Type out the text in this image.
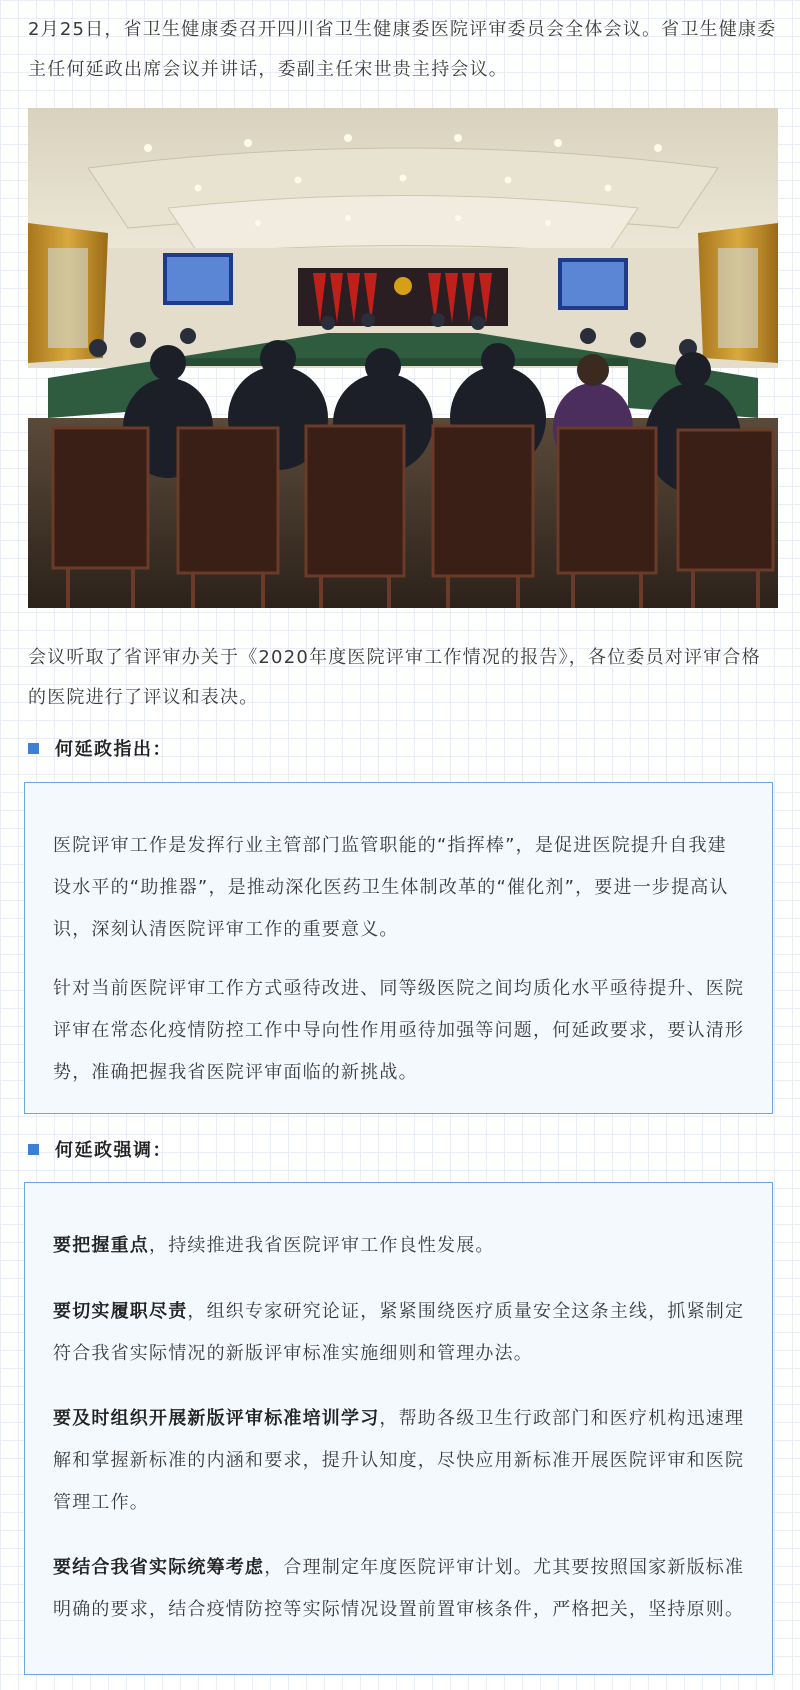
2月25日，省卫生健康委召开四川省卫生健康委医院评审委员会全体会议。省卫生健康委主任何延政出席会议并讲话，委副主任宋世贵主持会议。

会议听取了省评审办关于《2020年度医院评审工作情况的报告》，各位委员对评审合格的医院进行了评议和表决。

何延政指出：

医院评审工作是发挥行业主管部门监管职能的“指挥棒”，是促进医院提升自我建设水平的“助推器”，是推动深化医药卫生体制改革的“催化剂”，要进一步提高认识，深刻认清医院评审工作的重要意义。

针对当前医院评审工作方式亟待改进、同等级医院之间均质化水平亟待提升、医院评审在常态化疫情防控工作中导向性作用亟待加强等问题，何延政要求，要认清形势，准确把握我省医院评审面临的新挑战。

何延政强调：

要把握重点，持续推进我省医院评审工作良性发展。

要切实履职尽责，组织专家研究论证，紧紧围绕医疗质量安全这条主线，抓紧制定符合我省实际情况的新版评审标准实施细则和管理办法。

要及时组织开展新版评审标准培训学习，帮助各级卫生行政部门和医疗机构迅速理解和掌握新标准的内涵和要求，提升认知度，尽快应用新标准开展医院评审和医院管理工作。

要结合我省实际统筹考虑，合理制定年度医院评审计划。尤其要按照国家新版标准明确的要求，结合疫情防控等实际情况设置前置审核条件，严格把关，坚持原则。
